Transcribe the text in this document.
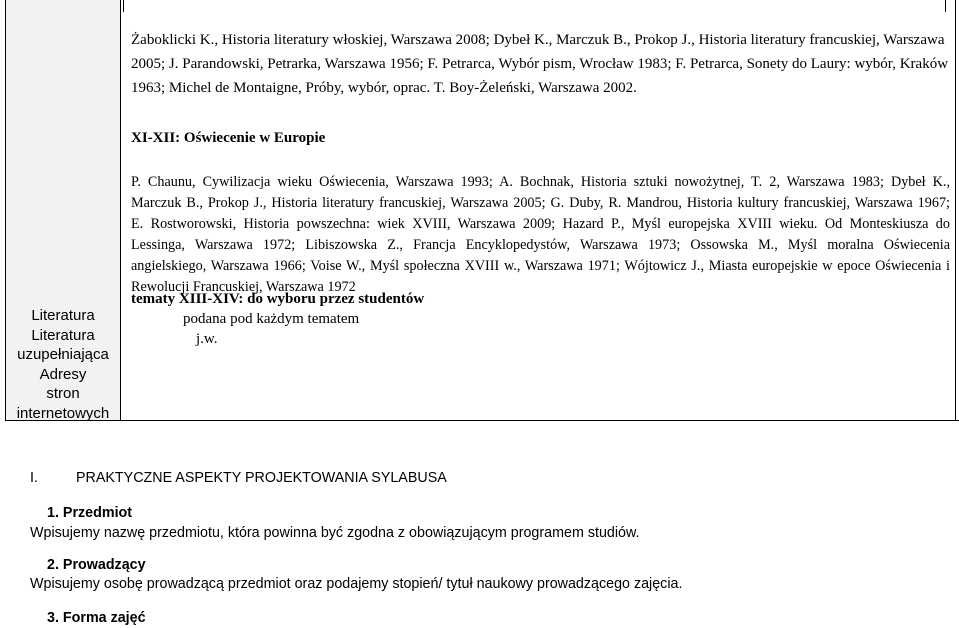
Żaboklicki K., Historia literatury włoskiej, Warszawa 2008; Dybeł K., Marczuk B., Prokop J., Historia literatury francuskiej, Warszawa
2005; J. Parandowski, Petrarka, Warszawa 1956; F. Petrarca, Wybór pism, Wrocław 1983; F. Petrarca, Sonety do Laury: wybór, Kraków
1963; Michel de Montaigne, Próby, wybór, oprac. T. Boy-Żeleński, Warszawa 2002.
XI-XII: Oświecenie w Europie
P. Chaunu, Cywilizacja wieku Oświecenia, Warszawa 1993; A. Bochnak, Historia sztuki nowożytnej, T. 2, Warszawa 1983; Dybeł K.,
Marczuk B., Prokop J., Historia literatury francuskiej, Warszawa 2005; G. Duby, R. Mandrou, Historia kultury francuskiej, Warszawa 1967;
E. Rostworowski, Historia powszechna: wiek XVIII, Warszawa 2009; Hazard P., Myśl europejska XVIII wieku. Od Monteskiusza do
Lessinga, Warszawa 1972; Libiszowska Z., Francja Encyklopedystów, Warszawa 1973; Ossowska M., Myśl moralna Oświecenia
angielskiego, Warszawa 1966; Voise W., Myśl społeczna XVIII w., Warszawa 1971; Wójtowicz J., Miasta europejskie w epoce Oświecenia i
Rewolucji Francuskiej, Warszawa 1972
tematy XIII-XIV: do wyboru przez studentów
podana pod każdym tematem
j.w.
Literatura
Literatura
uzupełniająca
Adresy
stron
internetowych
I.	PRAKTYCZNE ASPEKTY PROJEKTOWANIA SYLABUSA
1. Przedmiot
Wpisujemy nazwę przedmiotu, która powinna być zgodna z obowiązującym programem studiów.
2. Prowadzący
Wpisujemy osobę prowadzącą przedmiot oraz podajemy stopień/ tytuł naukowy prowadzącego zajęcia.
3. Forma zajęć
